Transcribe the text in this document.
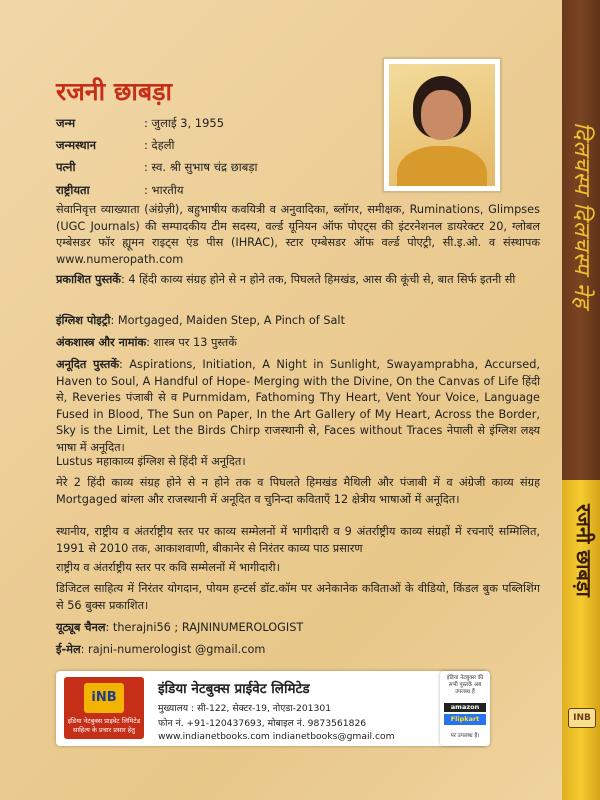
दिलचस्प दिलचस्प नेह
रजनी छाबड़ा
INB
रजनी छाबड़ा
जन्म	: जुलाई 3, 1955
जन्मस्थान	: देहली
पत्नी	: स्व. श्री सुभाष चंद्र छाबड़ा
राष्ट्रीयता	: भारतीय
सेवानिवृत्त व्याख्याता (अंग्रेज़ी), बहुभाषीय कवयित्री व अनुवादिका, ब्लॉगर, समीक्षक, Ruminations, Glimpses (UGC Journals) की सम्पादकीय टीम सदस्य, वर्ल्ड यूनियन ऑफ पोएट्स की इंटरनेशनल डायरेक्टर 20, ग्लोबल एम्बेसडर फॉर ह्यूमन राइट्स एंड पीस (IHRAC), स्टार एम्बेसडर ऑफ वर्ल्ड पोएट्री, सी.इ.ओ. व संस्थापक www.numeropath.com
प्रकाशित पुस्तकें: 4 हिंदी काव्य संग्रह होने से न होने तक, पिघलते हिमखंड, आस की कूंची से, बात सिर्फ इतनी सी
इंग्लिश पोइट्री: Mortgaged, Maiden Step, A Pinch of Salt
अंकशास्त्र और नामांक: शास्त्र पर 13 पुस्तकें
अनूदित पुस्तकें: Aspirations, Initiation, A Night in Sunlight, Swayamprabha, Accursed, Haven to Soul, A Handful of Hope- Merging with the Divine, On the Canvas of Life हिंदी से, Reveries पंजाबी से व Purnmidam, Fathoming Thy Heart, Vent Your Voice, Language Fused in Blood, The Sun on Paper, In the Art Gallery of My Heart, Across the Border, Sky is the Limit, Let the Birds Chirp राजस्थानी से, Faces without Traces नेपाली से इंग्लिश लक्ष्य भाषा में अनूदित।
Lustus महाकाव्य इंग्लिश से हिंदी में अनूदित।
मेरे 2 हिंदी काव्य संग्रह होने से न होने तक व पिघलते हिमखंड मैथिली और पंजाबी में व अंग्रेजी काव्य संग्रह Mortgaged बांग्ला और राजस्थानी में अनूदित व चुनिन्दा कविताएँ 12 क्षेत्रीय भाषाओं में अनूदित।
स्थानीय, राष्ट्रीय व अंतर्राष्ट्रीय स्तर पर काव्य सम्मेलनों में भागीदारी व 9 अंतर्राष्ट्रीय काव्य संग्रहों में रचनाएँ सम्मिलित, 1991 से 2010 तक, आकाशवाणी, बीकानेर से निरंतर काव्य पाठ प्रसारण
राष्ट्रीय व अंतर्राष्ट्रीय स्तर पर कवि सम्मेलनों में भागीदारी।
डिजिटल साहित्य में निरंतर योगदान, पोयम हन्टर्स डॉट.कॉम पर अनेकानेक कविताओं के वीडियो, किंडल बुक पब्लिशिंग से 56 बुक्स प्रकाशित।
यूट्यूब चैनल: therajni56 ; RAJNINUMEROLOGIST
ई-मेल: rajni-numerologist @gmail.com
iNB
इंडिया नेटबुक्स प्राइवेट लिमिटेड साहित्य के प्रचार प्रसार हेतु
इंडिया नेटबुक्स प्राईवेट लिमिटेड
मुख्यालय : सी-122, सेक्टर-19, नोएडा-201301
फोन नं. +91-120437693, मोबाइल नं. 9873561826
www.indianetbooks.com indianetbooks@gmail.com
इंडिया नेटबुक्स की सभी पुस्तकें अब उपलब्ध हैं
amazon
Flipkart
पर उपलब्ध है।
